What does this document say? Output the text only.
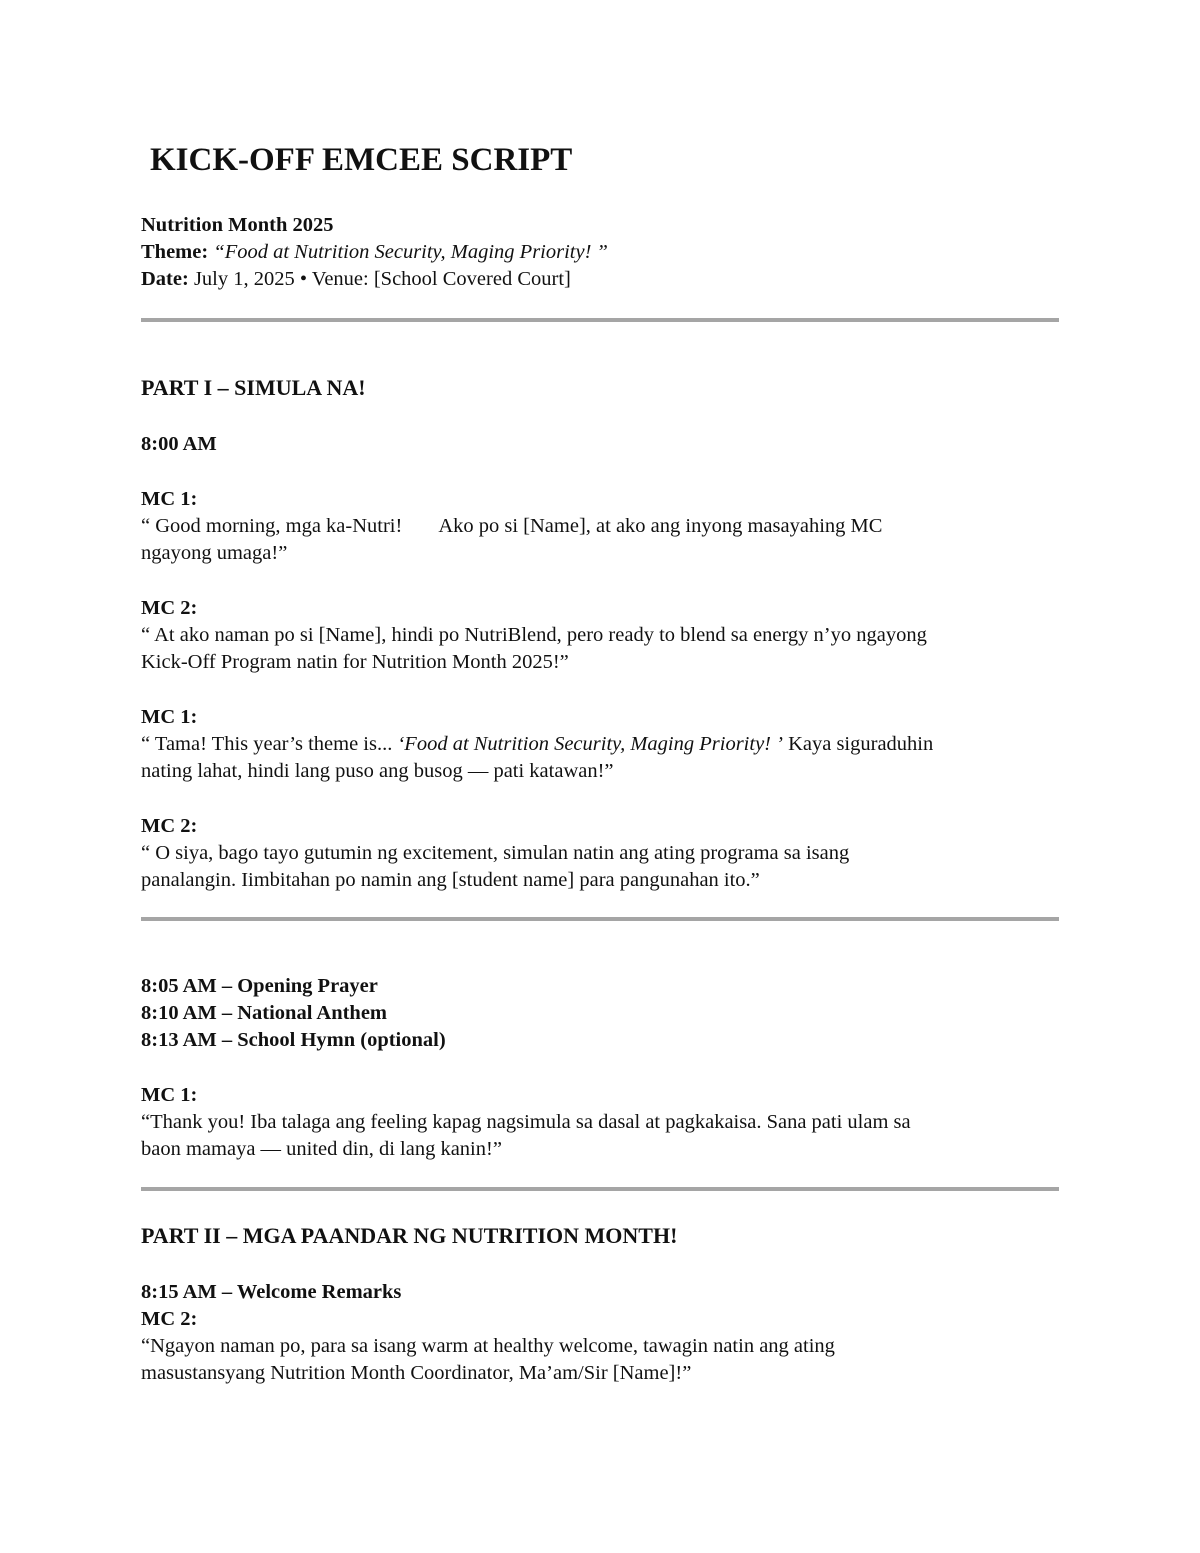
KICK-OFF EMCEE SCRIPT

Nutrition Month 2025

Theme: “Food at Nutrition Security, Maging Priority! ”

Date: July 1, 2025 • Venue: [School Covered Court]

PART I – SIMULA NA!

8:00 AM

MC 1:

“ Good morning, mga ka-Nutri! Ako po si [Name], at ako ang inyong masayahing MC

ngayong umaga!”

MC 2:

“ At ako naman po si [Name], hindi po NutriBlend, pero ready to blend sa energy n’yo ngayong

Kick-Off Program natin for Nutrition Month 2025!”

MC 1:

“ Tama! This year’s theme is... ‘Food at Nutrition Security, Maging Priority! ’ Kaya siguraduhin

nating lahat, hindi lang puso ang busog — pati katawan!”

MC 2:

“ O siya, bago tayo gutumin ng excitement, simulan natin ang ating programa sa isang

panalangin. Iimbitahan po namin ang [student name] para pangunahan ito.”

8:05 AM – Opening Prayer

8:10 AM – National Anthem

8:13 AM – School Hymn (optional)

MC 1:

“Thank you! Iba talaga ang feeling kapag nagsimula sa dasal at pagkakaisa. Sana pati ulam sa

baon mamaya — united din, di lang kanin!”

PART II – MGA PAANDAR NG NUTRITION MONTH!

8:15 AM – Welcome Remarks

MC 2:

“Ngayon naman po, para sa isang warm at healthy welcome, tawagin natin ang ating

masustansyang Nutrition Month Coordinator, Ma’am/Sir [Name]!”
